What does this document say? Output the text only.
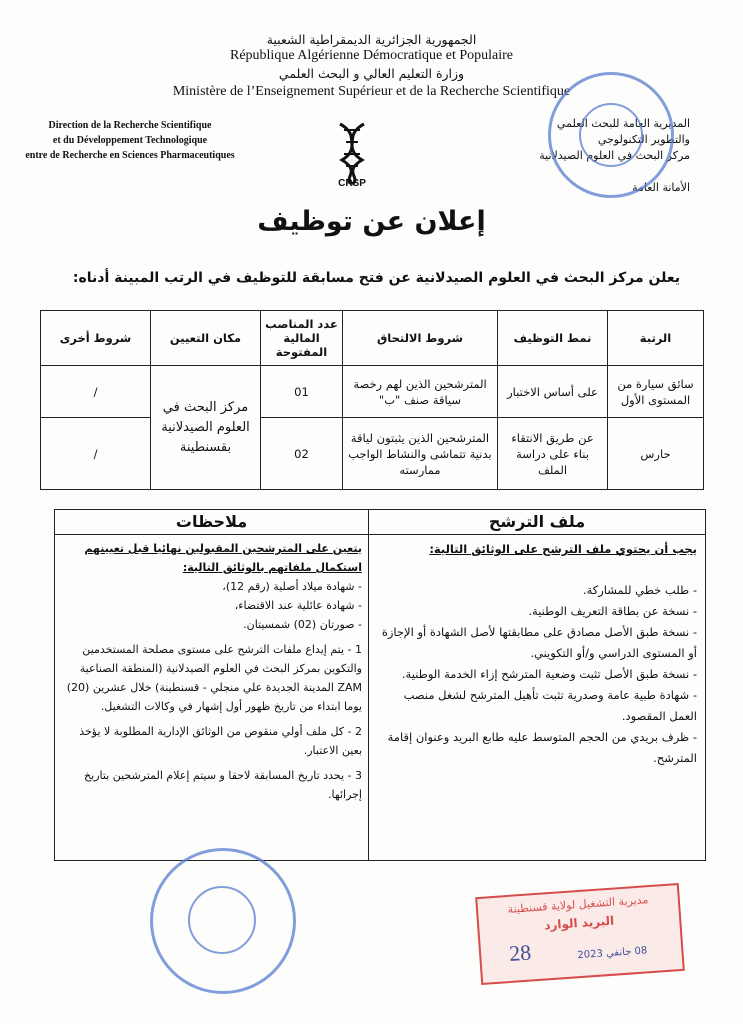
الجمهورية الجزائرية الديمقراطية الشعبية
République Algérienne Démocratique et Populaire
وزارة التعليم العالي و البحث العلمي
Ministère de l’Enseignement Supérieur et de la Recherche Scientifique
Direction de la Recherche Scientifique
et du Développement Technologique
entre de Recherche en Sciences Pharmaceutiques
CRSP
المديرية العامة للبحث العلمي
والتطوير التكنولوجي
مركز البحث في العلوم الصيدلانية
الأمانة العامة
إعلان عن توظيف
يعلن مركز البحث في العلوم الصيدلانية عن فتح مسابقة للتوظيف في الرتب المبينة أدناه:
الرتبة	نمط التوظيف	شروط الالتحاق	عدد المناصب المالية المفتوحة	مكان التعيين	شروط أخرى
سائق سيارة من المستوى الأول	على أساس الاختبار	المترشحين الذين لهم رخصة سياقة صنف "ب"	01	مركز البحث في العلوم الصيدلانية بقسنطينة	/
حارس	عن طريق الانتقاء بناء على دراسة الملف	المترشحين الذين يثبتون لياقة بدنية تتماشى والنشاط الواجب ممارسته	02		/
ملف الترشح

يجب أن يحتوي ملف الترشح على الوثائق التالية:

- طلب خطي للمشاركة.

- نسخة عن بطاقة التعريف الوطنية.

- نسخة طبق الأصل مصادق على مطابقتها لأصل الشهادة أو الإجازة أو المستوى الدراسي و/أو التكويني.

- نسخة طبق الأصل تثبت وضعية المترشح إزاء الخدمة الوطنية.

- شهادة طبية عامة وصدرية تثبت تأهيل المترشح لشغل منصب العمل المقصود.

- ظرف بريدي من الحجم المتوسط عليه طابع البريد وعنوان إقامة المترشح.

ملاحظات

يتعين على المترشحين المقبولين نهائيا قبل تعيينهم استكمال ملفاتهم بالوثائق التالية:

- شهادة ميلاد أصلية (رقم 12)،

- شهادة عائلية عند الاقتضاء،

- صورتان (02) شمسيتان.

1 - يتم إيداع ملفات الترشح على مستوى مصلحة المستخدمين والتكوين بمركز البحث في العلوم الصيدلانية (المنطقة الصناعية ZAM المدينة الجديدة علي منجلي - قسنطينة) خلال عشرين (20) يوما ابتداء من تاريخ ظهور أول إشهار في وكالات التشغيل.

2 - كل ملف أولي منقوص من الوثائق الإدارية المطلوبة لا يؤخذ بعين الاعتبار.

3 - يحدد تاريخ المسابقة لاحقا و سيتم إعلام المترشحين بتاريخ إجرائها.

مديرية التشغيل لولاية قسنطينة
البريد الوارد
28	08 جانفي 2023
